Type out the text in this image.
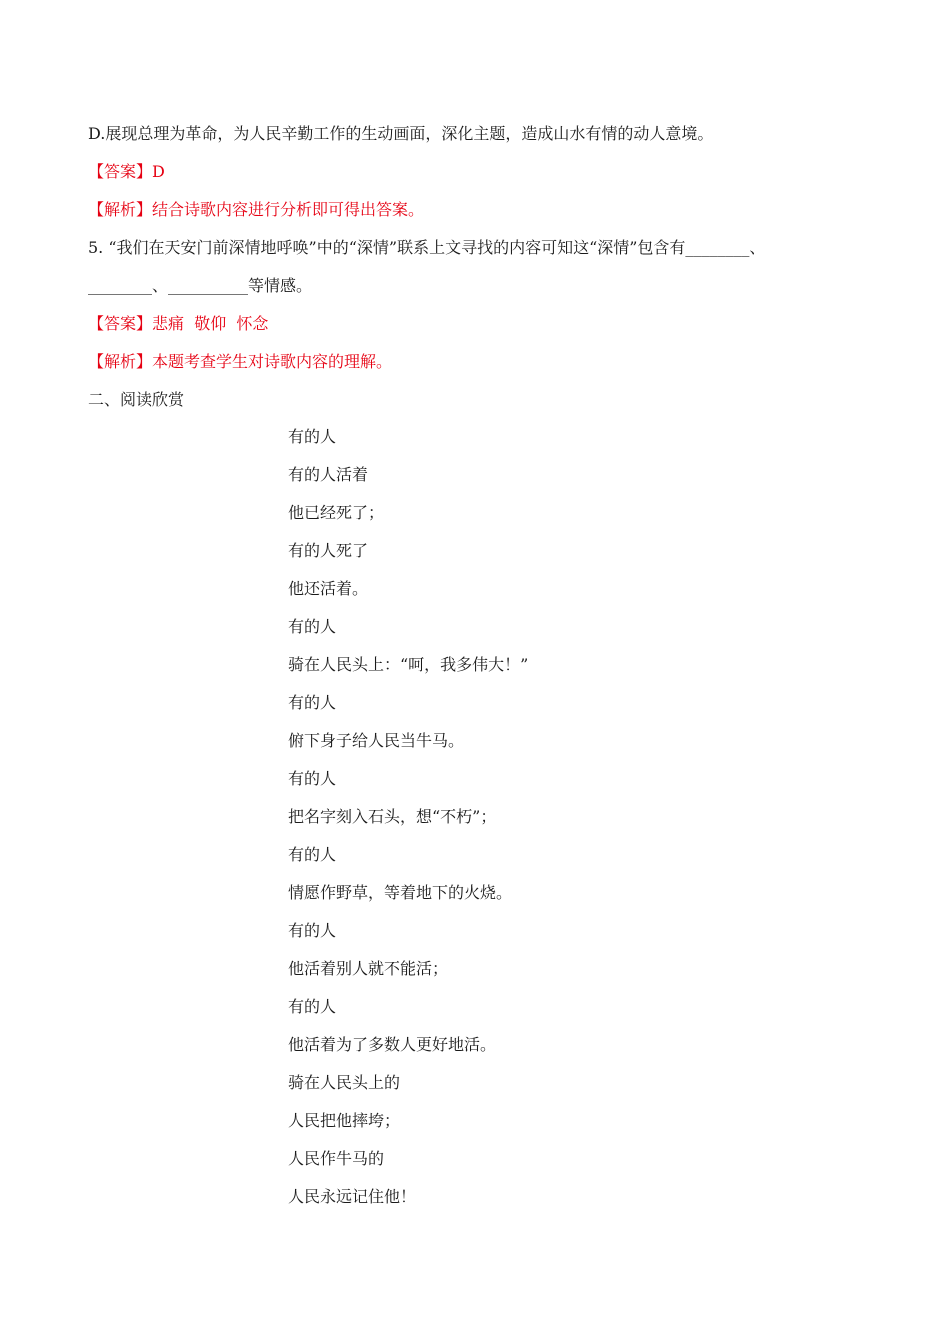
D.展现总理为革命，为人民辛勤工作的生动画面，深化主题，造成山水有情的动人意境。
【答案】D
【解析】结合诗歌内容进行分析即可得出答案。
5. “我们在天安门前深情地呼唤”中的“深情”联系上文寻找的内容可知这“深情”包含有________、
________、__________等情感。
【答案】悲痛  敬仰  怀念
【解析】本题考查学生对诗歌内容的理解。
二、阅读欣赏
有的人
有的人活着
他已经死了；
有的人死了
他还活着。
有的人
骑在人民头上：“呵，我多伟大！”
有的人
俯下身子给人民当牛马。
有的人
把名字刻入石头，想“不朽”；
有的人
情愿作野草，等着地下的火烧。
有的人
他活着别人就不能活；
有的人
他活着为了多数人更好地活。
骑在人民头上的
人民把他摔垮；
人民作牛马的
人民永远记住他！
